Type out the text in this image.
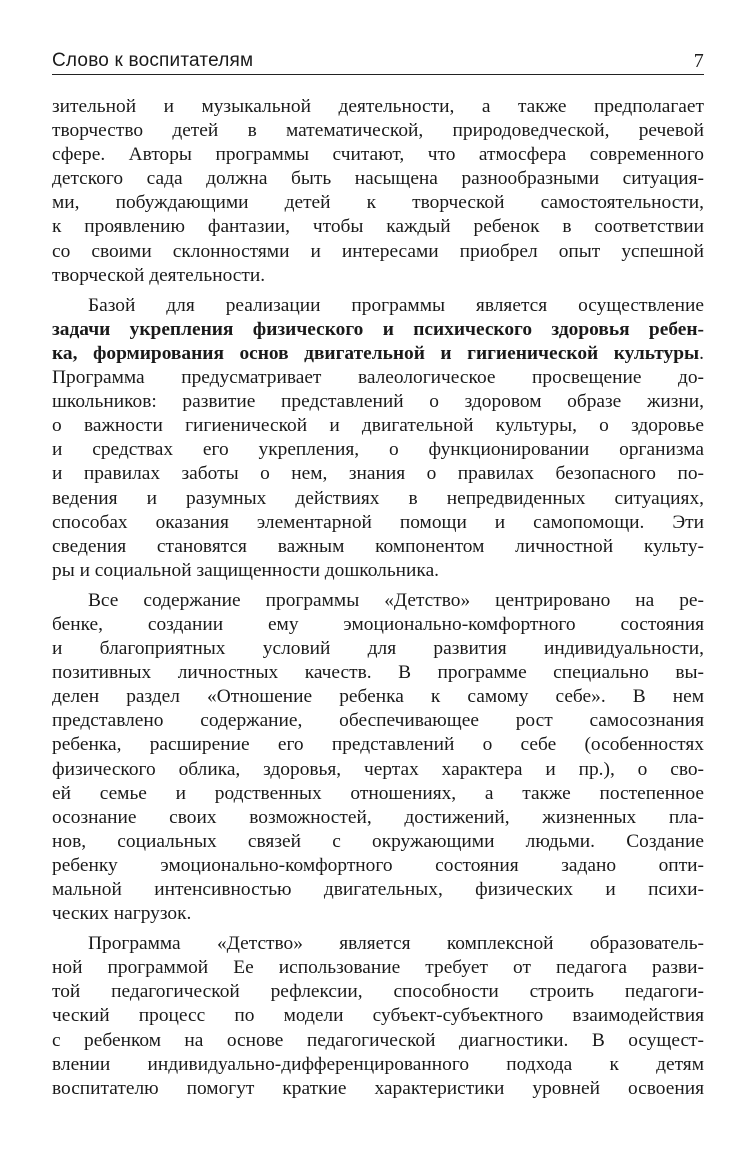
Слово к воспитателям	7

зительной и музыкальной деятельности, а также предполагает
творчество детей в математической, природоведческой, речевой
сфере. Авторы программы считают, что атмосфера современного
детского сада должна быть насыщена разнообразными ситуация-
ми, побуждающими детей к творческой самостоятельности,
к проявлению фантазии, чтобы каждый ребенок в соответствии
со своими склонностями и интересами приобрел опыт успешной
творческой деятельности.

Базой для реализации программы является осуществление
задачи укрепления физического и психического здоровья ребен-
ка, формирования основ двигательной и гигиенической культуры.
Программа предусматривает валеологическое просвещение до-
школьников: развитие представлений о здоровом образе жизни,
о важности гигиенической и двигательной культуры, о здоровье
и средствах его укрепления, о функционировании организма
и правилах заботы о нем, знания о правилах безопасного по-
ведения и разумных действиях в непредвиденных ситуациях,
способах оказания элементарной помощи и самопомощи. Эти
сведения становятся важным компонентом личностной культу-
ры и социальной защищенности дошкольника.

Все содержание программы «Детство» центрировано на ре-
бенке, создании ему эмоционально-комфортного состояния
и благоприятных условий для развития индивидуальности,
позитивных личностных качеств. В программе специально вы-
делен раздел «Отношение ребенка к самому себе». В нем
представлено содержание, обеспечивающее рост самосознания
ребенка, расширение его представлений о себе (особенностях
физического облика, здоровья, чертах характера и пр.), о сво-
ей семье и родственных отношениях, а также постепенное
осознание своих возможностей, достижений, жизненных пла-
нов, социальных связей с окружающими людьми. Создание
ребенку эмоционально-комфортного состояния задано опти-
мальной интенсивностью двигательных, физических и психи-
ческих нагрузок.

Программа «Детство» является комплексной образователь-
ной программой Ее использование требует от педагога разви-
той педагогической рефлексии, способности строить педагоги-
ческий процесс по модели субъект-субъектного взаимодействия
с ребенком на основе педагогической диагностики. В осущест-
влении индивидуально-дифференцированного подхода к детям
воспитателю помогут краткие характеристики уровней освоения
